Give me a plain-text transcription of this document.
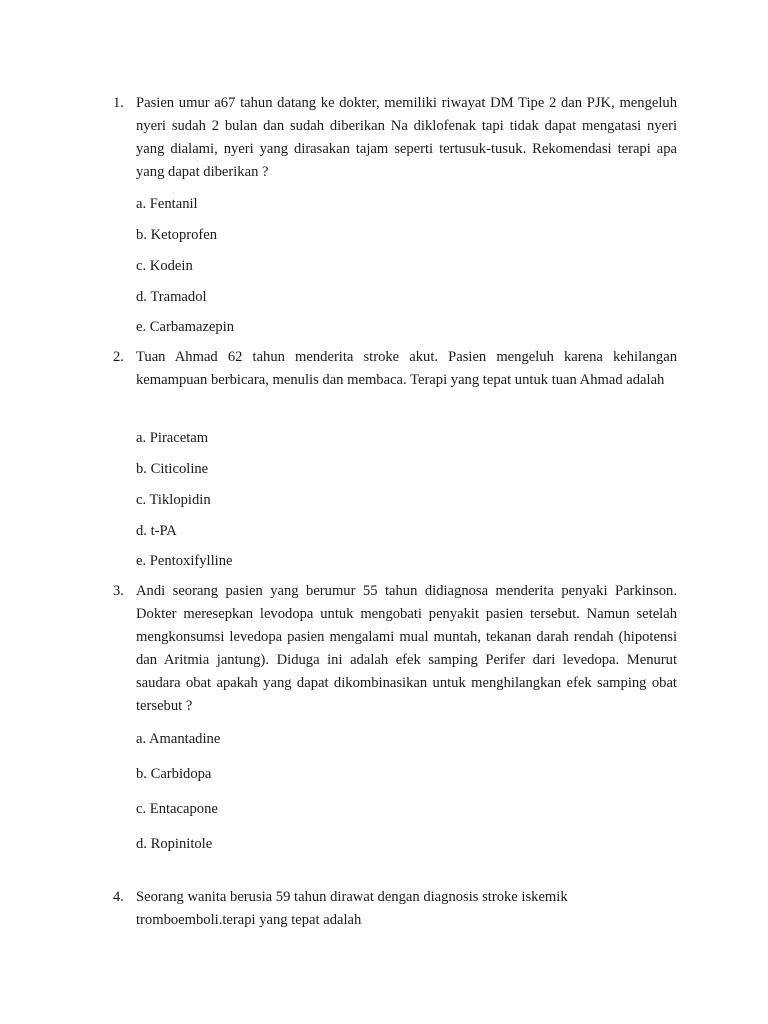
1. Pasien umur a67 tahun datang ke dokter, memiliki riwayat DM Tipe 2 dan PJK, mengeluh nyeri sudah 2 bulan dan sudah diberikan Na diklofenak tapi tidak dapat mengatasi nyeri yang dialami, nyeri yang dirasakan tajam seperti tertusuk-tusuk. Rekomendasi terapi apa yang dapat diberikan ?

a. Fentanil
b. Ketoprofen
c. Kodein
d. Tramadol
e. Carbamazepin
2. Tuan Ahmad 62 tahun menderita stroke akut. Pasien mengeluh karena kehilangan kemampuan berbicara, menulis dan membaca. Terapi yang tepat untuk tuan Ahmad adalah

a. Piracetam
b. Citicoline
c. Tiklopidin
d. t-PA
e. Pentoxifylline
3. Andi seorang pasien yang berumur 55 tahun didiagnosa menderita penyaki Parkinson. Dokter meresepkan levodopa untuk mengobati penyakit pasien tersebut. Namun setelah mengkonsumsi levedopa pasien mengalami mual muntah, tekanan darah rendah (hipotensi dan Aritmia jantung). Diduga ini adalah efek samping Perifer dari levedopa. Menurut saudara obat apakah yang dapat dikombinasikan untuk menghilangkan efek samping obat tersebut ?

a. Amantadine
b. Carbidopa
c. Entacapone
d. Ropinitole
4. Seorang wanita berusia 59 tahun dirawat dengan diagnosis stroke iskemik tromboemboli.terapi yang tepat adalah
